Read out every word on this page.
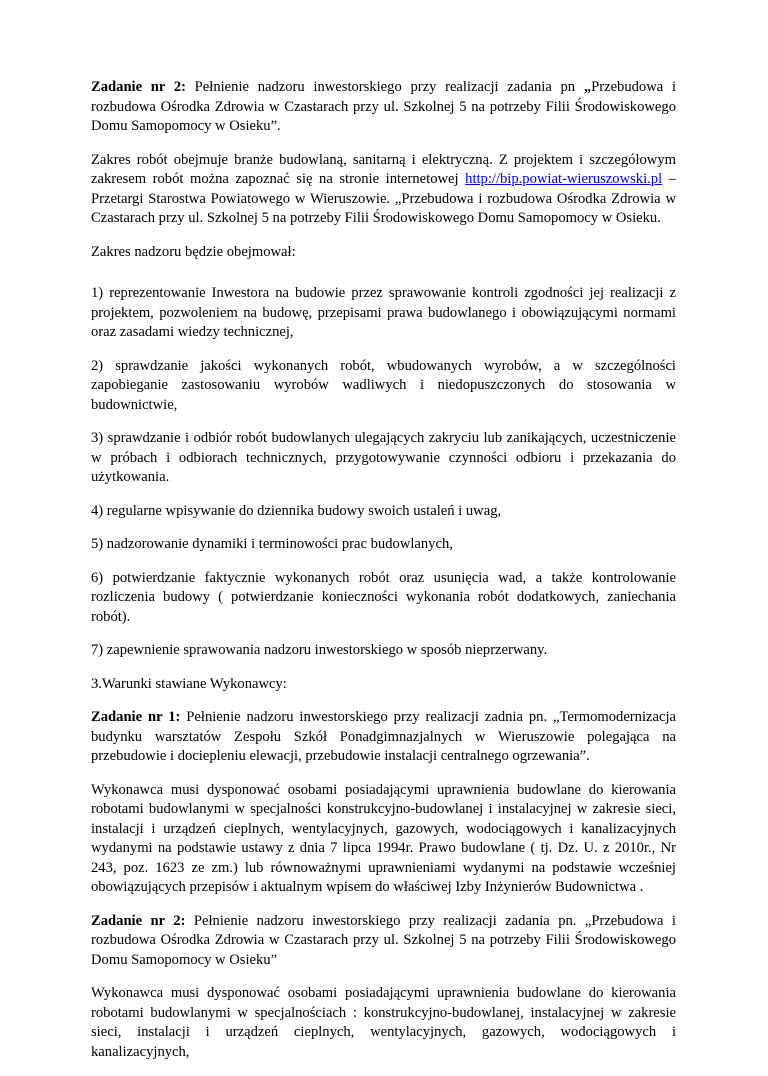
Zadanie nr 2: Pełnienie nadzoru inwestorskiego przy realizacji zadania pn „Przebudowa i rozbudowa Ośrodka Zdrowia w Czastarach przy ul. Szkolnej 5 na potrzeby Filii Środowiskowego Domu Samopomocy w Osieku”.

Zakres robót obejmuje branże budowlaną, sanitarną i elektryczną. Z projektem i szczegółowym zakresem robót można zapoznać się na stronie internetowej http://bip.powiat-wieruszowski.pl – Przetargi Starostwa Powiatowego w Wieruszowie. „Przebudowa i rozbudowa Ośrodka Zdrowia w Czastarach przy ul. Szkolnej 5 na potrzeby Filii Środowiskowego Domu Samopomocy w Osieku.

Zakres nadzoru będzie obejmował:

1) reprezentowanie Inwestora na budowie przez sprawowanie kontroli zgodności jej realizacji z projektem, pozwoleniem na budowę, przepisami prawa budowlanego i obowiązującymi normami oraz zasadami wiedzy technicznej,

2) sprawdzanie jakości wykonanych robót, wbudowanych wyrobów, a w szczególności zapobieganie zastosowaniu wyrobów wadliwych i niedopuszczonych do stosowania w budownictwie,

3) sprawdzanie i odbiór robót budowlanych ulegających zakryciu lub zanikających, uczestniczenie w próbach i odbiorach technicznych, przygotowywanie czynności odbioru i przekazania do użytkowania.

4) regularne wpisywanie do dziennika budowy swoich ustaleń i uwag,

5) nadzorowanie dynamiki i terminowości prac budowlanych,

6) potwierdzanie faktycznie wykonanych robót oraz usunięcia wad, a także kontrolowanie rozliczenia budowy ( potwierdzanie konieczności wykonania robót dodatkowych, zaniechania robót).

7) zapewnienie sprawowania nadzoru inwestorskiego w sposób nieprzerwany.

3.Warunki stawiane Wykonawcy:

Zadanie nr 1: Pełnienie nadzoru inwestorskiego przy realizacji zadnia pn. „Termomodernizacja budynku warsztatów Zespołu Szkół Ponadgimnazjalnych w Wieruszowie polegająca na przebudowie i dociepleniu elewacji, przebudowie instalacji centralnego ogrzewania”.

Wykonawca musi dysponować osobami posiadającymi uprawnienia budowlane do kierowania robotami budowlanymi w specjalności konstrukcyjno-budowlanej i instalacyjnej w zakresie sieci, instalacji i urządzeń cieplnych, wentylacyjnych, gazowych, wodociągowych i kanalizacyjnych wydanymi na podstawie ustawy z dnia 7 lipca 1994r. Prawo budowlane ( tj. Dz. U. z 2010r., Nr 243, poz. 1623 ze zm.) lub równoważnymi uprawnieniami wydanymi na podstawie wcześniej obowiązujących przepisów i aktualnym wpisem do właściwej Izby Inżynierów Budownictwa .

Zadanie nr 2: Pełnienie nadzoru inwestorskiego przy realizacji zadania pn. „Przebudowa i rozbudowa Ośrodka Zdrowia w Czastarach przy ul. Szkolnej 5 na potrzeby Filii Środowiskowego Domu Samopomocy w Osieku”

Wykonawca musi dysponować osobami posiadającymi uprawnienia budowlane do kierowania robotami budowlanymi w specjalnościach : konstrukcyjno-budowlanej, instalacyjnej w zakresie sieci, instalacji i urządzeń cieplnych, wentylacyjnych, gazowych, wodociągowych i kanalizacyjnych,
